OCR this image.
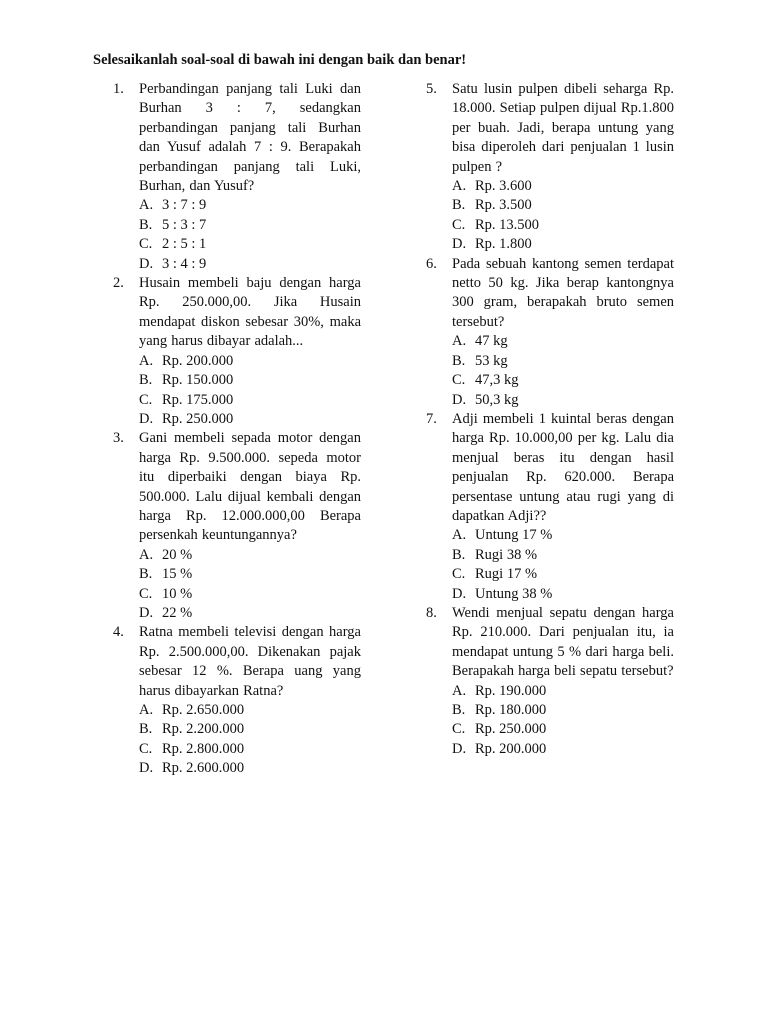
Selesaikanlah soal-soal di bawah ini dengan baik dan benar!
1.	Perbandingan panjang tali Luki dan Burhan 3 : 7, sedangkan perbandingan panjang tali Burhan dan Yusuf adalah 7 : 9. Berapakah perbandingan panjang tali Luki, Burhan, dan Yusuf?
A. 3 : 7 : 9
B. 5 : 3 : 7
C. 2 : 5 : 1
D. 3 : 4 : 9
2.	Husain membeli baju dengan harga Rp. 250.000,00. Jika Husain mendapat diskon sebesar 30%, maka yang harus dibayar adalah...
A. Rp. 200.000
B. Rp. 150.000
C. Rp. 175.000
D. Rp. 250.000
3.	Gani membeli sepada motor dengan harga Rp. 9.500.000. sepeda motor itu diperbaiki dengan biaya Rp. 500.000. Lalu dijual kembali dengan harga Rp. 12.000.000,00 Berapa persenkah keuntungannya?
A. 20 %
B. 15 %
C. 10 %
D. 22 %
4.	Ratna membeli televisi dengan harga Rp. 2.500.000,00. Dikenakan pajak sebesar 12 %. Berapa uang yang harus dibayarkan Ratna?
A. Rp. 2.650.000
B. Rp. 2.200.000
C. Rp. 2.800.000
D. Rp. 2.600.000
5.	Satu lusin pulpen dibeli seharga Rp. 18.000. Setiap pulpen dijual Rp.1.800 per buah. Jadi, berapa untung yang bisa diperoleh dari penjualan 1 lusin pulpen ?
A. Rp. 3.600
B. Rp. 3.500
C. Rp. 13.500
D. Rp. 1.800
6.	Pada sebuah kantong semen terdapat netto 50 kg. Jika berap kantongnya 300 gram, berapakah bruto semen tersebut?
A. 47 kg
B. 53 kg
C. 47,3 kg
D. 50,3 kg
7.	Adji membeli 1 kuintal beras dengan harga Rp. 10.000,00 per kg. Lalu dia menjual beras itu dengan hasil penjualan Rp. 620.000. Berapa persentase untung atau rugi yang di dapatkan Adji??
A. Untung 17 %
B. Rugi 38 %
C. Rugi 17 %
D. Untung 38 %
8.	Wendi menjual sepatu dengan harga Rp. 210.000. Dari penjualan itu, ia mendapat untung 5 % dari harga beli. Berapakah harga beli sepatu tersebut?
A. Rp. 190.000
B. Rp. 180.000
C. Rp. 250.000
D. Rp. 200.000
